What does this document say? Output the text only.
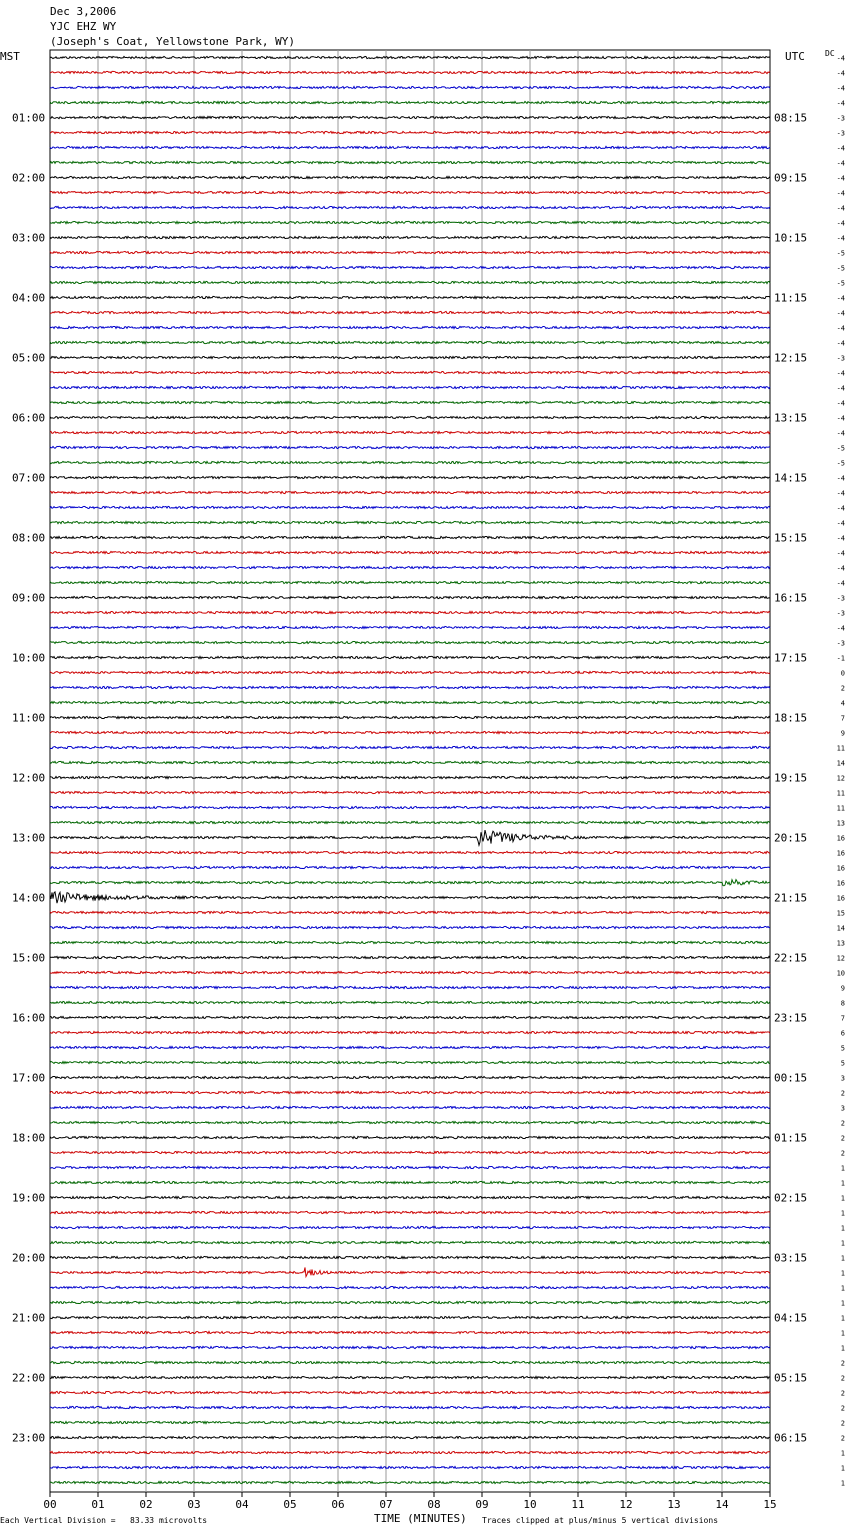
01:00
02:00
03:00
04:00
05:00
06:00
07:00
08:00
09:00
10:00
11:00
12:00
13:00
14:00
15:00
16:00
17:00
18:00
19:00
20:00
21:00
22:00
23:00
08:15
09:15
10:15
11:15
12:15
13:15
14:15
15:15
16:15
17:15
18:15
19:15
20:15
21:15
22:15
23:15
00:15
01:15
02:15
03:15
04:15
05:15
06:15
-4
-4
-4
-4
-3
-3
-4
-4
-4
-4
-4
-4
-4
-5
-5
-5
-4
-4
-4
-4
-3
-4
-4
-4
-4
-4
-5
-5
-4
-4
-4
-4
-4
-4
-4
-4
-3
-3
-4
-3
-1
0
2
4
7
9
11
14
12
11
11
13
16
16
16
16
16
15
14
13
12
10
9
8
7
6
5
5
3
2
3
2
2
2
1
1
1
1
1
1
1
1
1
1
1
1
1
2
2
2
2
2
2
1
1
1
00	01	02	03	04	05	06	07	08	09	10	11	12	13	14	15
Dec 3,2006
YJC EHZ WY
(Joseph's Coat, Yellowstone Park, WY)
MST	UTC	DC
TIME (MINUTES)
Each Vertical Division =   83.33 microvolts	Traces clipped at plus/minus 5 vertical divisions
